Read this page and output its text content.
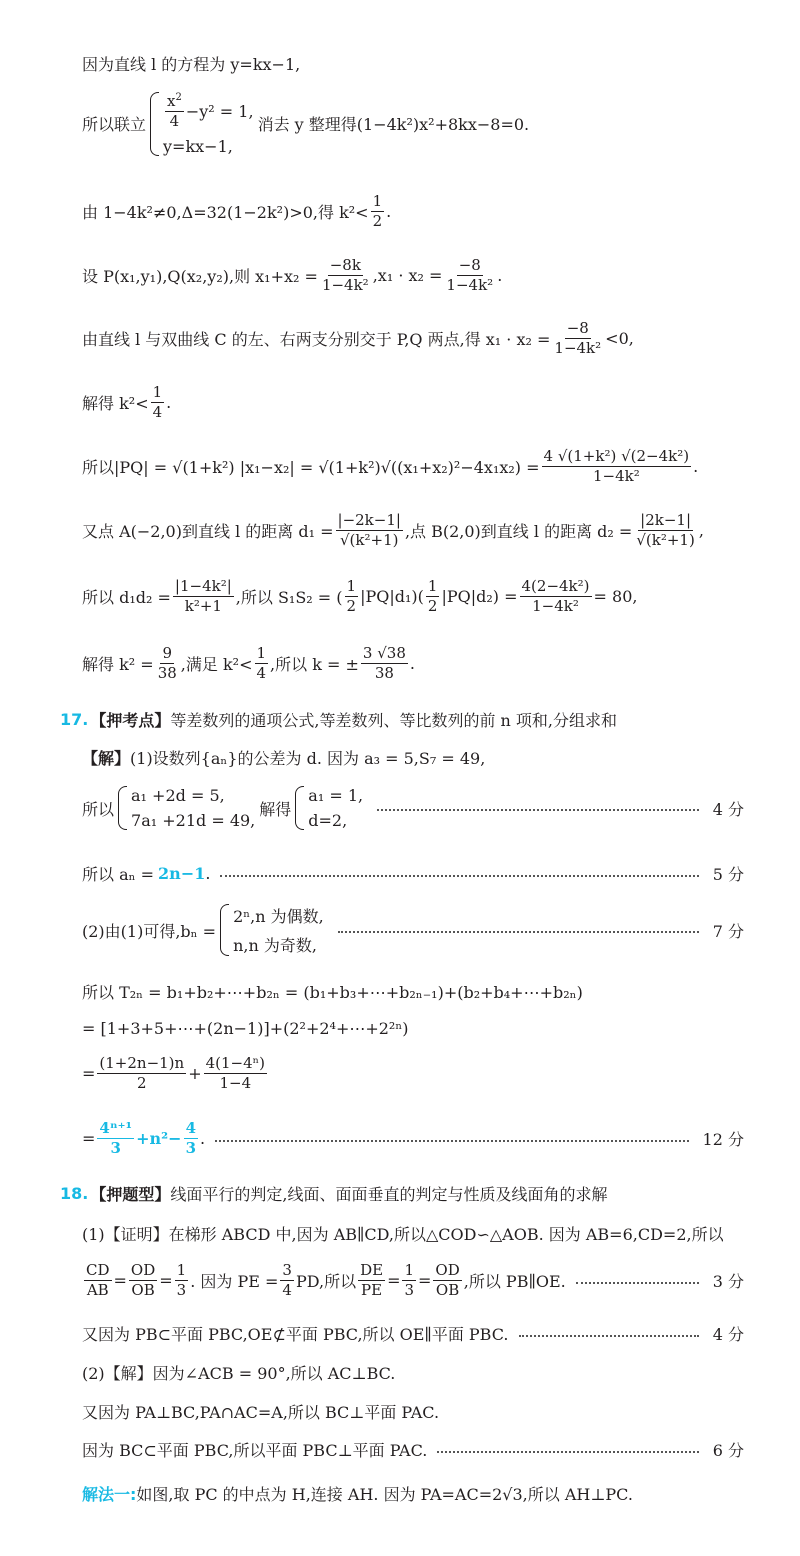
因为直线 l 的方程为 y=kx−1,
所以联立 $\frac{x^2}{4} -y^2 = 1$,
y=kx−1,
消去 y 整理得(1−4k²)x²+8kx−8=0.
由 1−4k²≠0,Δ=32(1−2k²)>0,得 $k^2< \frac{1}{2}$ .
设 P(x₁,y₁),Q(x₂,y₂),则 $x_1+x_2 = \frac{-8k}{\text{1−4k²}} ,x_1 \cdot x_2 = \frac{-8}{\text{1−4k²}}$ .
由直线 l 与双曲线 C 的左、右两支分别交于 P,Q 两点,得 $x_1 \cdot x_2 = \frac{-8}{\text{1−4k²}} <0$,
解得 $k^2< \frac{1}{4}$ .
所以|PQ| = √(1+k²) $|x_1-x_2| = √(1+k^2)√((x_1+x_2)^2-4x_1x_2) = \frac{\text{4 √(1+k²) √(2−4k²)}}{\text{1−4k²}}$ .
又点 A(−2,0)到直线 l 的距离 $d_1 = \frac{|-2k-1|}{\text{√(k²+1)}}$ ,点 B(2,0)到直线 l 的距离 $d_2 = \frac{|2k-1|}{\text{√(k²+1)}}$ ,
所以 $d_1d_2 = \frac{\text{|1−4k²|}}{\text{k²+1}}$ ,所以 S₁S₂ = ( $\frac{1}{2} |PQ|d_1)( \frac{1}{2} |PQ|d_2) = \frac{\text{4(2−4k²)}}{\text{1−4k²}} = 80$,
解得 $k^2 = \frac{9}{38}$ ,满足 $k^2< \frac{1}{4}$ ,所以 k = ± $\frac{3 √38}{38}$ .
17. 【押考点】 等差数列的通项公式,等差数列、等比数列的前 n 项和,分组求和
【解】 (1)设数列{aₙ}的公差为 d. 因为 a₃ = 5,S₇ = 49,
所以
a₁ +2d = 5,
7a₁ +21d = 49,
解得
a₁ = 1,
d=2,
4 分
所以 aₙ = 2n−1 .	5 分
(2)由(1)可得,bₙ =
2ⁿ,n 为偶数,
n,n 为奇数,
7 分
所以 T₂ₙ = b₁+b₂+⋯+b₂ₙ = (b₁+b₃+⋯+b₂ₙ₋₁)+(b₂+b₄+⋯+b₂ₙ)
= [1+3+5+⋯+(2n−1)]+(2²+2⁴+⋯+2²ⁿ)
= $\frac{(1+2n-1)n}{2} + \frac{\text{4(1−4ⁿ)}}{1-4}$
= $\frac{\text{4ⁿ⁺¹}}{3} +n^2- \frac{4}{3}$ .	12 分
18. 【押题型】 线面平行的判定,线面、面面垂直的判定与性质及线面角的求解
(1)【证明】在梯形 ABCD 中,因为 AB∥CD,所以△COD∽△AOB. 因为 AB=6,CD=2,所以
$\frac{CD}{AB} = \frac{OD}{OB} = \frac{1}{3}$ . 因为 PE = $\frac{3}{4}$ PD,所以 $\frac{DE}{PE} = \frac{1}{3} = \frac{OD}{OB}$ ,所以 PB∥OE.	3 分
又因为 PB⊂平面 PBC,OE⊄平面 PBC,所以 OE∥平面 PBC.	4 分
(2)【解】因为∠ACB = 90°,所以 AC⊥BC.
又因为 PA⊥BC,PA∩AC=A,所以 BC⊥平面 PAC.
因为 BC⊂平面 PBC,所以平面 PBC⊥平面 PAC.	6 分
解法一: 如图,取 PC 的中点为 H,连接 AH. 因为 PA=AC=2√3,所以 AH⊥PC.
